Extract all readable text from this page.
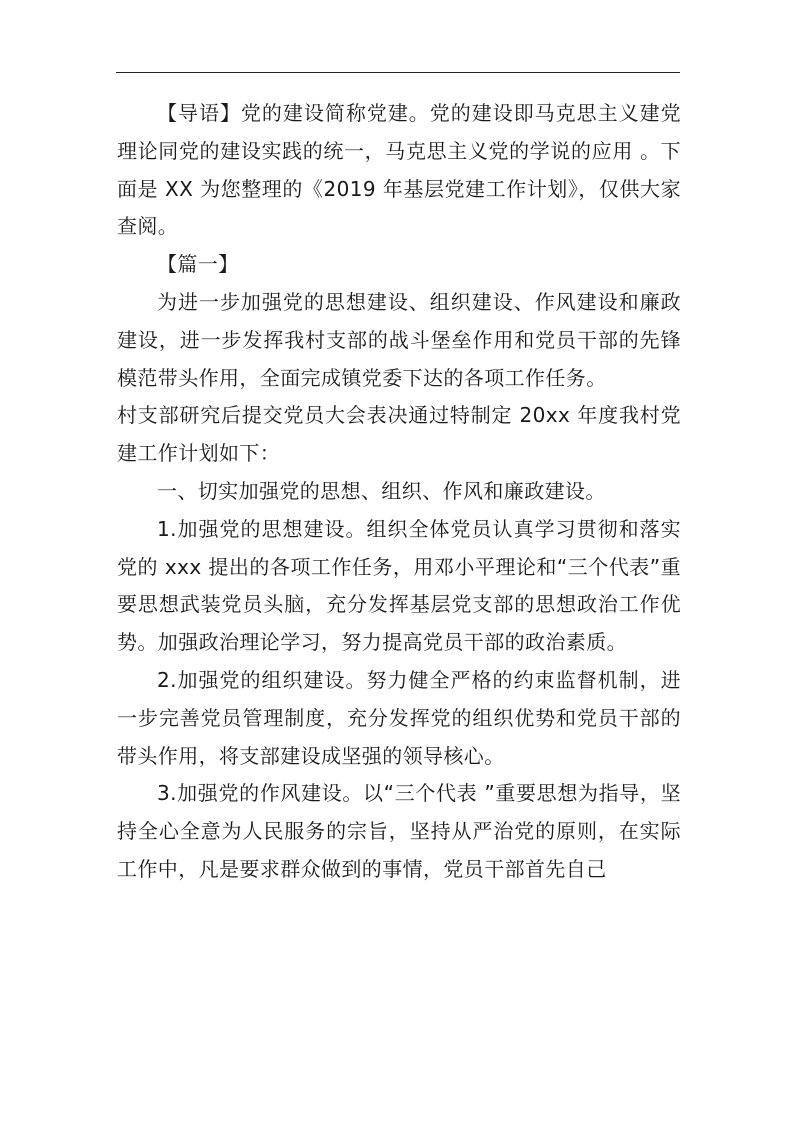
【导语】党的建设简称党建。党的建设即马克思主义建党理论同党的建设实践的统一，马克思主义党的学说的应用 。下面是 XX 为您整理的《2019 年基层党建工作计划》，仅供大家查阅。

【篇一】

为进一步加强党的思想建设、组织建设、作风建设和廉政建设，进一步发挥我村支部的战斗堡垒作用和党员干部的先锋模范带头作用，全面完成镇党委下达的各项工作任务。

村支部研究后提交党员大会表决通过特制定 20xx 年度我村党建工作计划如下：

一、切实加强党的思想、组织、作风和廉政建设。

1.加强党的思想建设。组织全体党员认真学习贯彻和落实党的 xxx 提出的各项工作任务，用邓小平理论和“三个代表”重要思想武装党员头脑，充分发挥基层党支部的思想政治工作优势。加强政治理论学习，努力提高党员干部的政治素质。

2.加强党的组织建设。努力健全严格的约束监督机制，进一步完善党员管理制度，充分发挥党的组织优势和党员干部的带头作用，将支部建设成坚强的领导核心。

3.加强党的作风建设。以“三个代表 ”重要思想为指导，坚持全心全意为人民服务的宗旨，坚持从严治党的原则，在实际工作中，凡是要求群众做到的事情，党员干部首先自己
